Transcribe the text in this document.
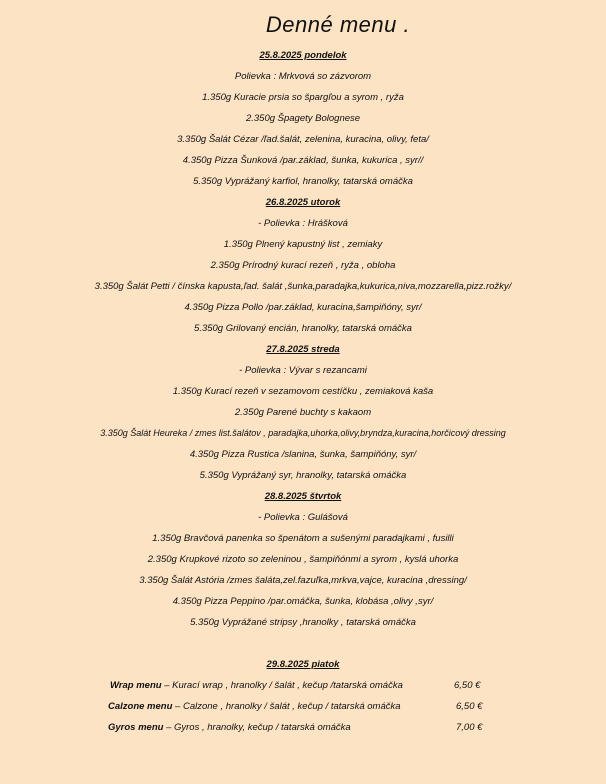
Denné menu .
25.8.2025 pondelok
Polievka : Mrkvová so zázvorom
1.350g Kuracie prsia so špargľou a syrom , ryža
2.350g Špagety Bolognese
3.350g Šalát Cézar /ľad.šalát, zelenina, kuracina, olivy, feta/
4.350g Pizza Šunková /par.základ, šunka, kukurica , syr//
5.350g Vyprážaný karfiol, hranolky, tatarská omáčka
26.8.2025 utorok
- Polievka : Hrášková
1.350g Plnený kapustný list , zemiaky
2.350g Prírodný kurací rezeň , ryža , obloha
3.350g Šalát Petti / čínska kapusta,ľad. šalát ,šunka,paradajka,kukurica,niva,mozzarella,pizz.rožky/
4.350g Pizza Pollo /par.základ, kuracina,šampiňóny, syr/
5.350g Grilovaný encián, hranolky, tatarská omáčka
27.8.2025 streda
- Polievka : Vývar s rezancami
1.350g Kurací rezeň v sezamovom cestíčku , zemiaková kaša
2.350g Parené buchty s kakaom
3.350g Šalát Heureka / zmes list.šalátov , paradajka,uhorka,olivy,bryndza,kuracina,horčicový dressing
4.350g Pizza Rustica /slanina, šunka, šampiňóny, syr/
5.350g Vyprážaný syr, hranolky, tatarská omáčka
28.8.2025 štvrtok
- Polievka : Gulášová
1.350g Bravčová panenka so špenátom a sušenými paradajkami , fusilli
2.350g Krupkové rizoto so zeleninou , šampiňónmi a syrom , kyslá uhorka
3.350g Šalát Astória /zmes šaláta,zel.fazuľka,mrkva,vajce, kuracina ,dressing/
4.350g Pizza Peppino /par.omáčka, šunka, klobása ,olivy ,syr/
5.350g Vyprážané stripsy ,hranolky , tatarská omáčka
29.8.2025 piatok
Wrap menu – Kurací wrap , hranolky / šalát , kečup /tatarská omáčka	6,50 €
Calzone menu – Calzone , hranolky / šalát , kečup / tatarská omáčka	6,50 €
Gyros menu – Gyros , hranolky, kečup / tatarská omáčka	7,00 €
